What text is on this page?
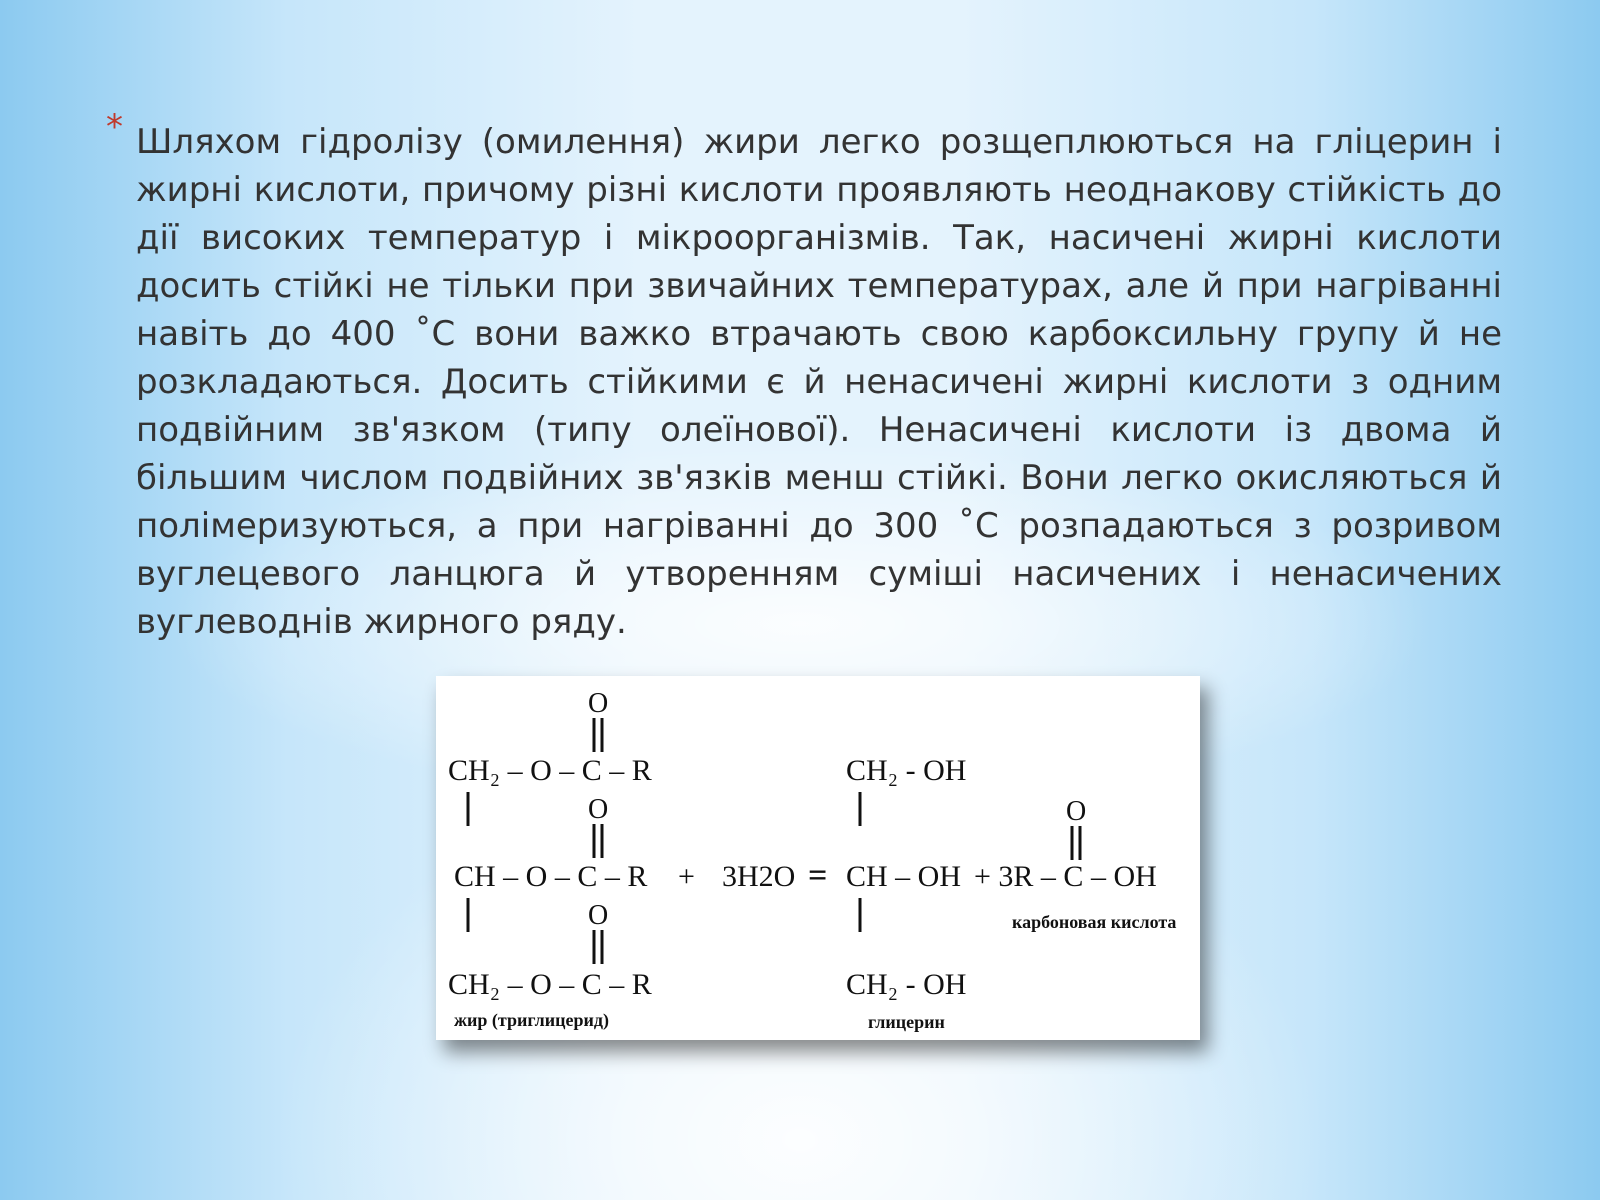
* Шляхом гідролізу (омилення) жири легко розщеплюються на гліцерин і жирні кислоти, причому різні кислоти проявляють неоднакову стійкість до дії високих температур і мікроорганізмів. Так, насичені жирні кислоти досить стійкі не тільки при звичайних температурах, але й при нагріванні навіть до 400 ˚С вони важко втрачають свою карбоксильну групу й не розкладаються. Досить стійкими є й ненасичені жирні кислоти з одним подвійним зв'язком (типу олеїнової). Ненасичені кислоти із двома й більшим числом подвійних зв'язків менш стійкі. Вони легко окисляються й полімеризуються, а при нагріванні до 300 ˚С розпадаються з розривом вуглецевого ланцюга й утворенням суміші насичених і ненасичених вуглеводнів жирного ряду.

CH₂ – O – C – R
CH – O – C – R
CH₂ – O – C – R
O
O
O
+ 3H2O =
CH₂ - OH
CH – OH
CH₂ - OH
+ 3R – C – OH
O
жир (триглицерид)	глицерин
карбоновая кислота
